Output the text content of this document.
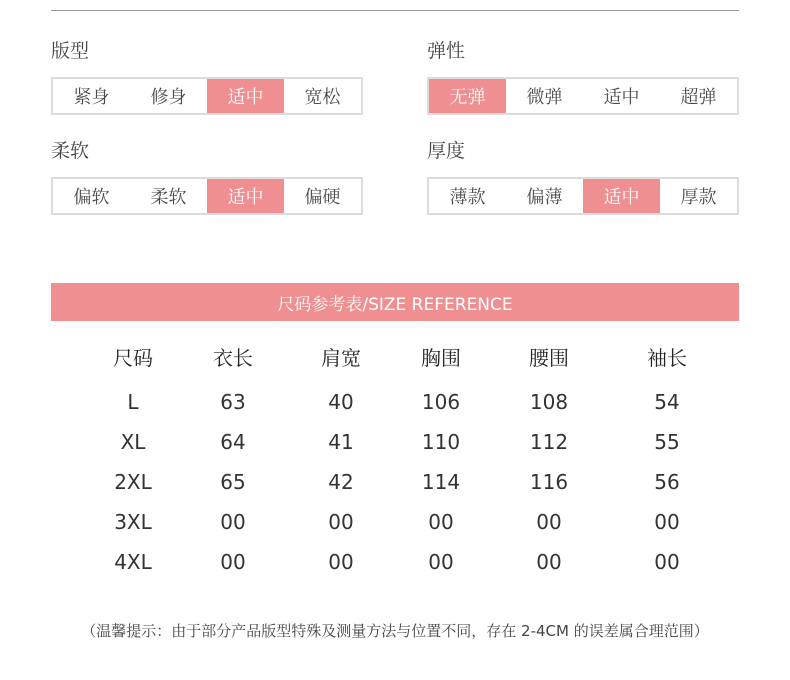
版型
紧身	修身	适中	宽松
弹性
无弹	微弹	适中	超弹
柔软
偏软	柔软	适中	偏硬
厚度
薄款	偏薄	适中	厚款
尺码参考表/SIZE REFERENCE
尺码	衣长	肩宽	胸围	腰围	袖长
L	63	40	106	108	54
XL	64	41	110	112	55
2XL	65	42	114	116	56
3XL	00	00	00	00	00
4XL	00	00	00	00	00
（温馨提示：由于部分产品版型特殊及测量方法与位置不同，存在 2-4CM 的误差属合理范围）
